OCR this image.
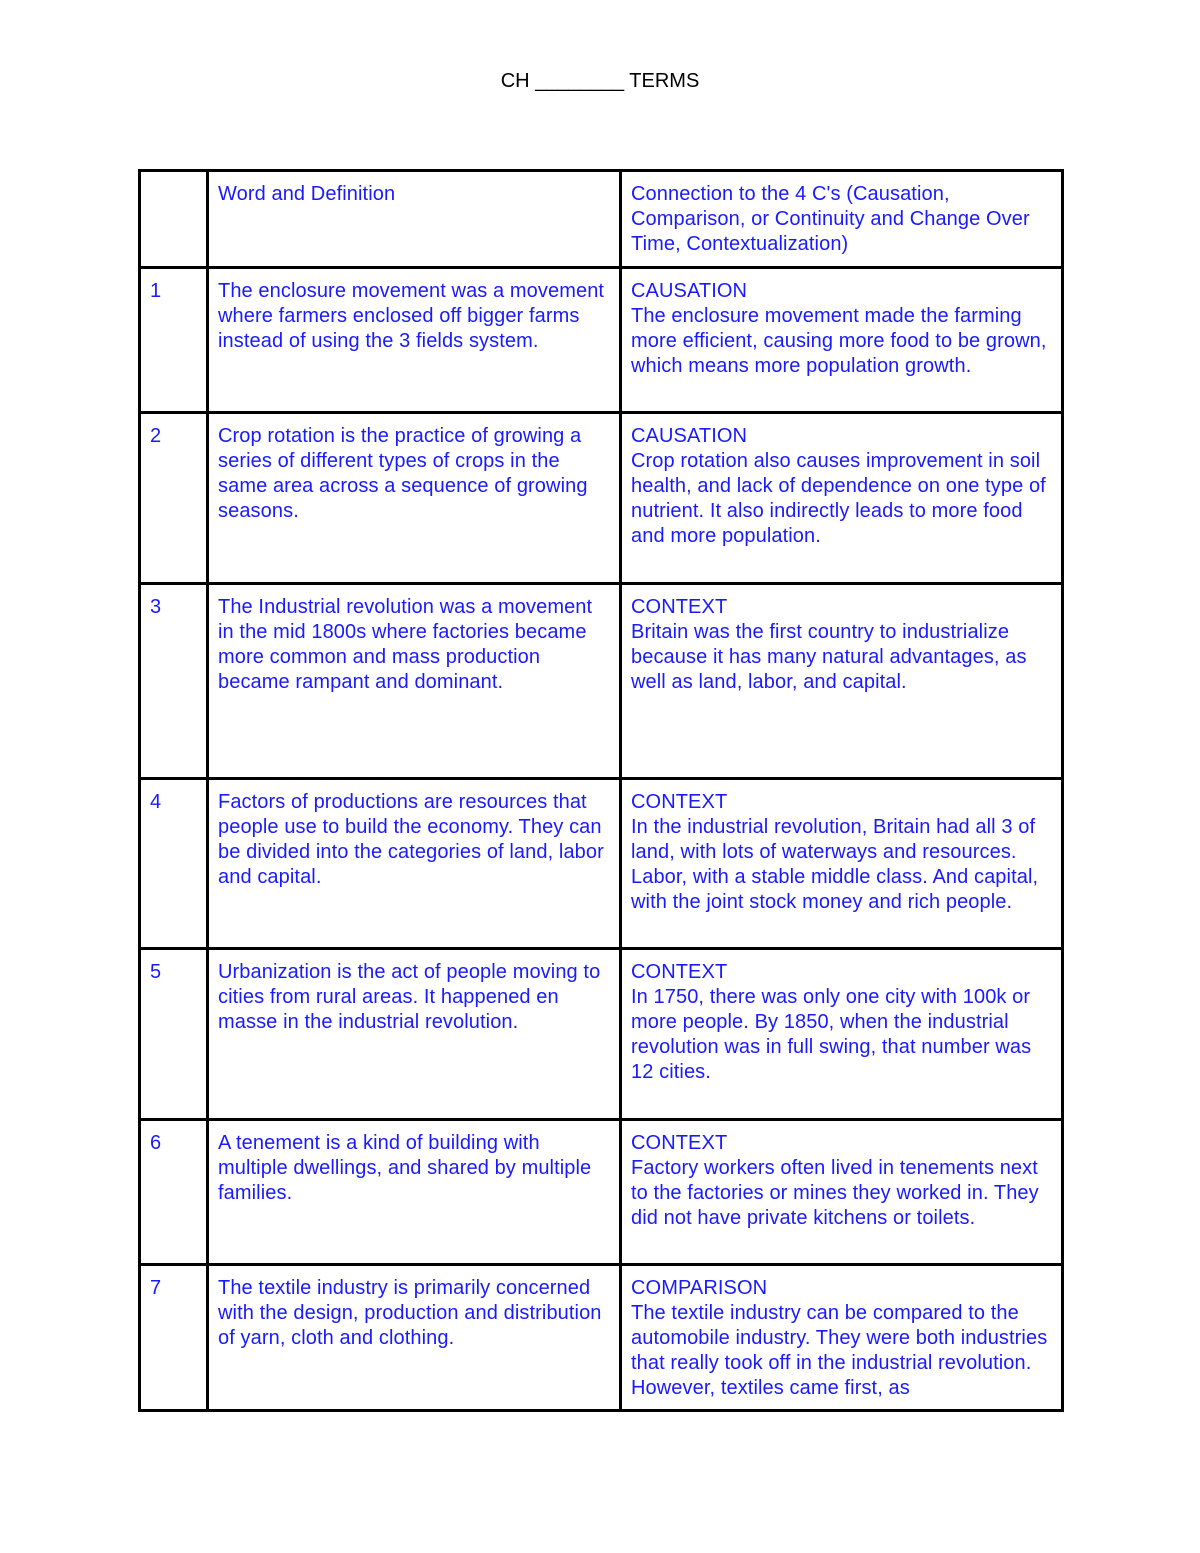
CH ________ TERMS
	Word and Definition	Connection to the 4 C's (Causation, Comparison, or Continuity and Change Over Time, Contextualization)
1	The enclosure movement was a movement where farmers enclosed off bigger farms instead of using the 3 fields system.	CAUSATION
The enclosure movement made the farming more efficient, causing more food to be grown, which means more population growth.

2	Crop rotation is the practice of growing a series of different types of crops in the same area across a sequence of growing seasons.	CAUSATION
Crop rotation also causes improvement in soil health, and lack of dependence on one type of nutrient. It also indirectly leads to more food and more population.

3	The Industrial revolution was a movement in the mid 1800s where factories became more common and mass production became rampant and dominant.	CONTEXT
Britain was the first country to industrialize because it has many natural advantages, as well as land, labor, and capital.

4	Factors of productions are resources that people use to build the economy. They can be divided into the categories of land, labor and capital.	CONTEXT
In the industrial revolution, Britain had all 3 of land, with lots of waterways and resources. Labor, with a stable middle class. And capital, with the joint stock money and rich people.

5	Urbanization is the act of people moving to cities from rural areas. It happened en masse in the industrial revolution.	CONTEXT
In 1750, there was only one city with 100k or more people. By 1850, when the industrial revolution was in full swing, that number was 12 cities.

6	A tenement is a kind of building with multiple dwellings, and shared by multiple families.	CONTEXT
Factory workers often lived in tenements next to the factories or mines they worked in. They did not have private kitchens or toilets.

7	The textile industry is primarily concerned with the design, production and distribution of yarn, cloth and clothing.	COMPARISON
The textile industry can be compared to the automobile industry. They were both industries that really took off in the industrial revolution. However, textiles came first, as
